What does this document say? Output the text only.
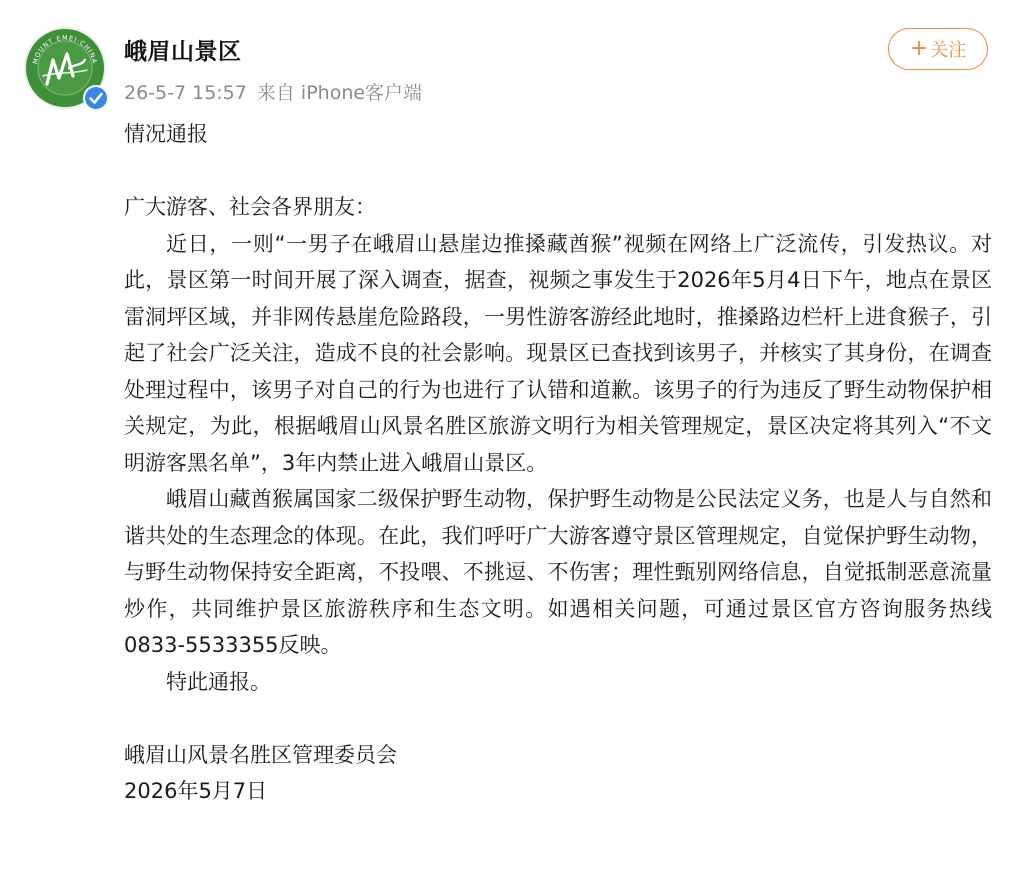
MOUNT EMEI·CHINA 峨眉山景区
26-5-7 15:57 来自 iPhone客户端
+ 关注

情况通报

广大游客、社会各界朋友：

近日，一则“一男子在峨眉山悬崖边推搡藏酋猴”视频在网络上广泛流传，引发热议。对此，景区第一时间开展了深入调查，据查，视频之事发生于2026年5月4日下午，地点在景区雷洞坪区域，并非网传悬崖危险路段，一男性游客游经此地时，推搡路边栏杆上进食猴子，引起了社会广泛关注，造成不良的社会影响。现景区已查找到该男子，并核实了其身份，在调查处理过程中，该男子对自己的行为也进行了认错和道歉。该男子的行为违反了野生动物保护相关规定，为此，根据峨眉山风景名胜区旅游文明行为相关管理规定，景区决定将其列入“不文明游客黑名单”，3年内禁止进入峨眉山景区。

峨眉山藏酋猴属国家二级保护野生动物，保护野生动物是公民法定义务，也是人与自然和谐共处的生态理念的体现。在此，我们呼吁广大游客遵守景区管理规定，自觉保护野生动物，与野生动物保持安全距离，不投喂、不挑逗、不伤害；理性甄别网络信息，自觉抵制恶意流量炒作，共同维护景区旅游秩序和生态文明。如遇相关问题，可通过景区官方咨询服务热线0833-5533355反映。

特此通报。

峨眉山风景名胜区管理委员会

2026年5月7日
